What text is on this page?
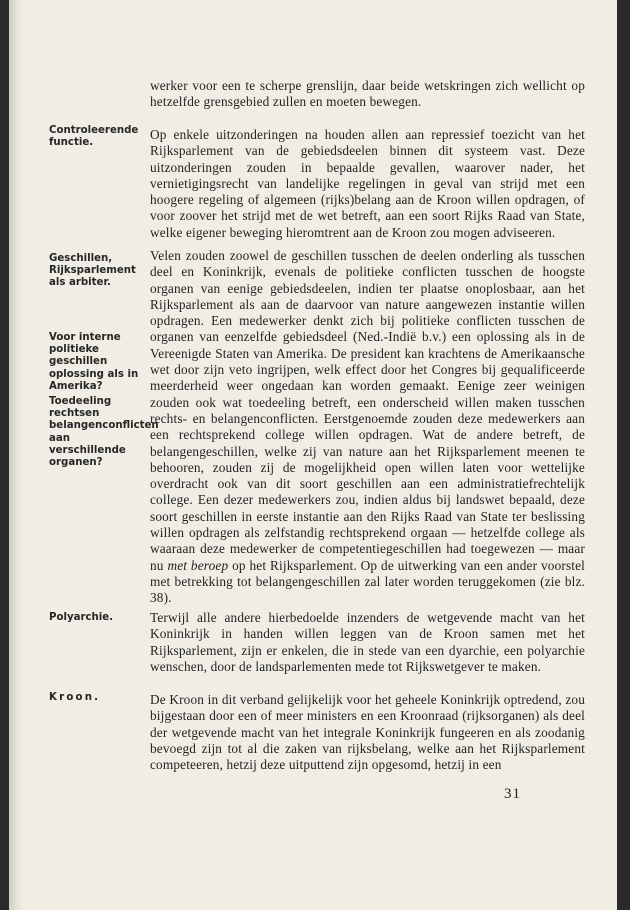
werker voor een te scherpe grenslijn, daar beide wetskringen zich wellicht op hetzelfde grensgebied zullen en moeten bewegen.

Op enkele uitzonderingen na houden allen aan repressief toezicht van het Rijksparlement van de gebiedsdeelen binnen dit systeem vast. Deze uitzonderingen zouden in bepaalde gevallen, waarover nader, het vernietigingsrecht van landelijke regelingen in geval van strijd met een hoogere regeling of algemeen (rijks)belang aan de Kroon willen opdragen, of voor zoover het strijd met de wet betreft, aan een soort Rijks Raad van State, welke eigener beweging hieromtrent aan de Kroon zou mogen adviseeren.

Velen zouden zoowel de geschillen tusschen de deelen onderling als tusschen deel en Koninkrijk, evenals de politieke conflicten tusschen de hoogste organen van eenige gebiedsdeelen, indien ter plaatse onoplosbaar, aan het Rijksparlement als aan de daarvoor van nature aangewezen instantie willen opdragen. Een medewerker denkt zich bij politieke conflicten tusschen de organen van eenzelfde gebiedsdeel (Ned.-Indië b.v.) een oplossing als in de Vereenigde Staten van Amerika. De president kan krachtens de Amerikaansche wet door zijn veto ingrijpen, welk effect door het Congres bij gequalificeerde meerderheid weer ongedaan kan worden gemaakt. Eenige zeer weinigen zouden ook wat toedeeling betreft, een onderscheid willen maken tusschen rechts- en belangenconflicten. Eerstgenoemde zouden deze medewerkers aan een rechtsprekend college willen opdragen. Wat de andere betreft, de belangengeschillen, welke zij van nature aan het Rijksparlement meenen te behooren, zouden zij de mogelijkheid open willen laten voor wettelijke overdracht ook van dit soort geschillen aan een administratiefrechtelijk college. Een dezer medewerkers zou, indien aldus bij landswet bepaald, deze soort geschillen in eerste instantie aan den Rijks Raad van State ter beslissing willen opdragen als zelfstandig rechtsprekend orgaan — hetzelfde college als waaraan deze medewerker de competentiegeschillen had toegewezen — maar nu met beroep op het Rijksparlement. Op de uitwerking van een ander voorstel met betrekking tot belangengeschillen zal later worden teruggekomen (zie blz. 38).

Terwijl alle andere hierbedoelde inzenders de wetgevende macht van het Koninkrijk in handen willen leggen van de Kroon samen met het Rijksparlement, zijn er enkelen, die in stede van een dyarchie, een polyarchie wenschen, door de landsparlementen mede tot Rijkswetgever te maken.

De Kroon in dit verband gelijkelijk voor het geheele Koninkrijk optredend, zou bijgestaan door een of meer ministers en een Kroonraad (rijksorganen) als deel der wetgevende macht van het integrale Koninkrijk fungeeren en als zoodanig bevoegd zijn tot al die zaken van rijksbelang, welke aan het Rijksparlement competeeren, hetzij deze uitputtend zijn opgesomd, hetzij in een

Controleerende functie.
Geschillen, Rijksparlement als arbiter.
Voor interne politieke geschillen oplossing als in Amerika?
Toedeeling rechtsen belangenconflicten aan verschillende organen?
Polyarchie.
Kroon.
31
